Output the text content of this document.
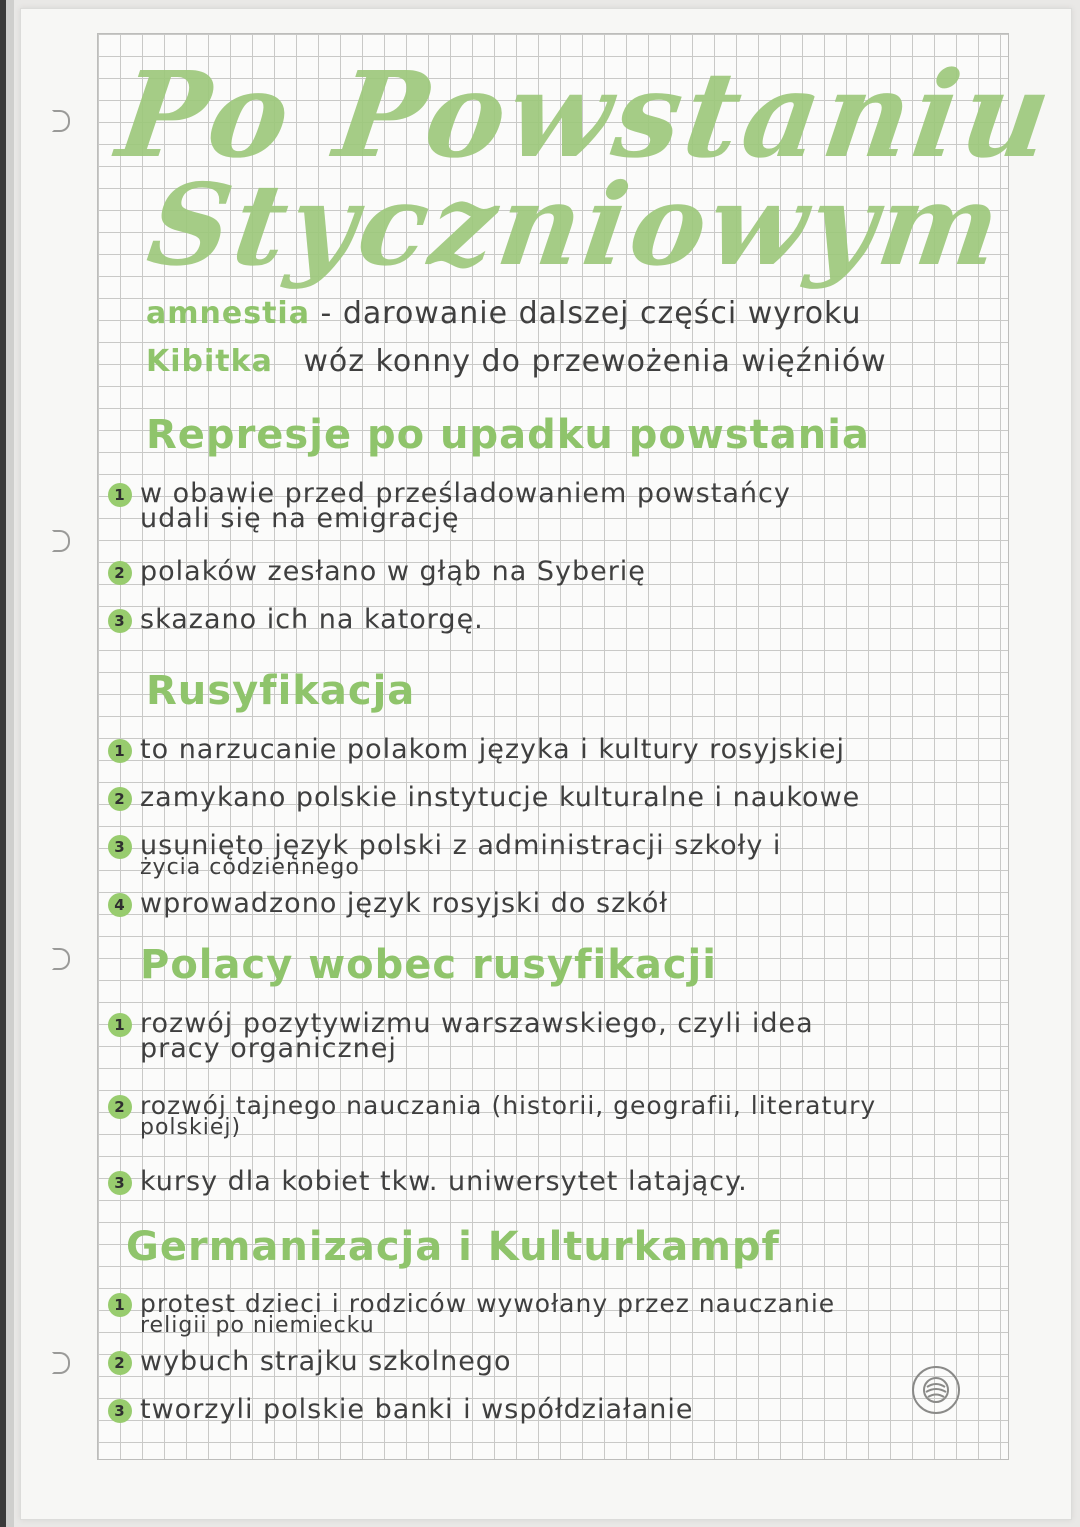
Po Powstaniu
Styczniowym
amnestia - darowanie dalszej części wyroku
Kibitka wóz konny do przewożenia więźniów
Represje po upadku powstania
1 w obawie przed prześladowaniem powstańcy
udali się na emigrację
2 polaków zesłano w głąb na Syberię
3 skazano ich na katorgę.
Rusyfikacja
1 to narzucanie polakom języka i kultury rosyjskiej
2 zamykano polskie instytucje kulturalne i naukowe
3 usunięto język polski z administracji szkoły i
życia codziennego
4 wprowadzono język rosyjski do szkół
Polacy wobec rusyfikacji
1 rozwój pozytywizmu warszawskiego, czyli idea
pracy organicznej
2 rozwój tajnego nauczania (historii, geografii, literatury
polskiej)
3 kursy dla kobiet tkw. uniwersytet latający.
Germanizacja i Kulturkampf
1 protest dzieci i rodziców wywołany przez nauczanie
religii po niemiecku
2 wybuch strajku szkolnego
3 tworzyli polskie banki i współdziałanie
